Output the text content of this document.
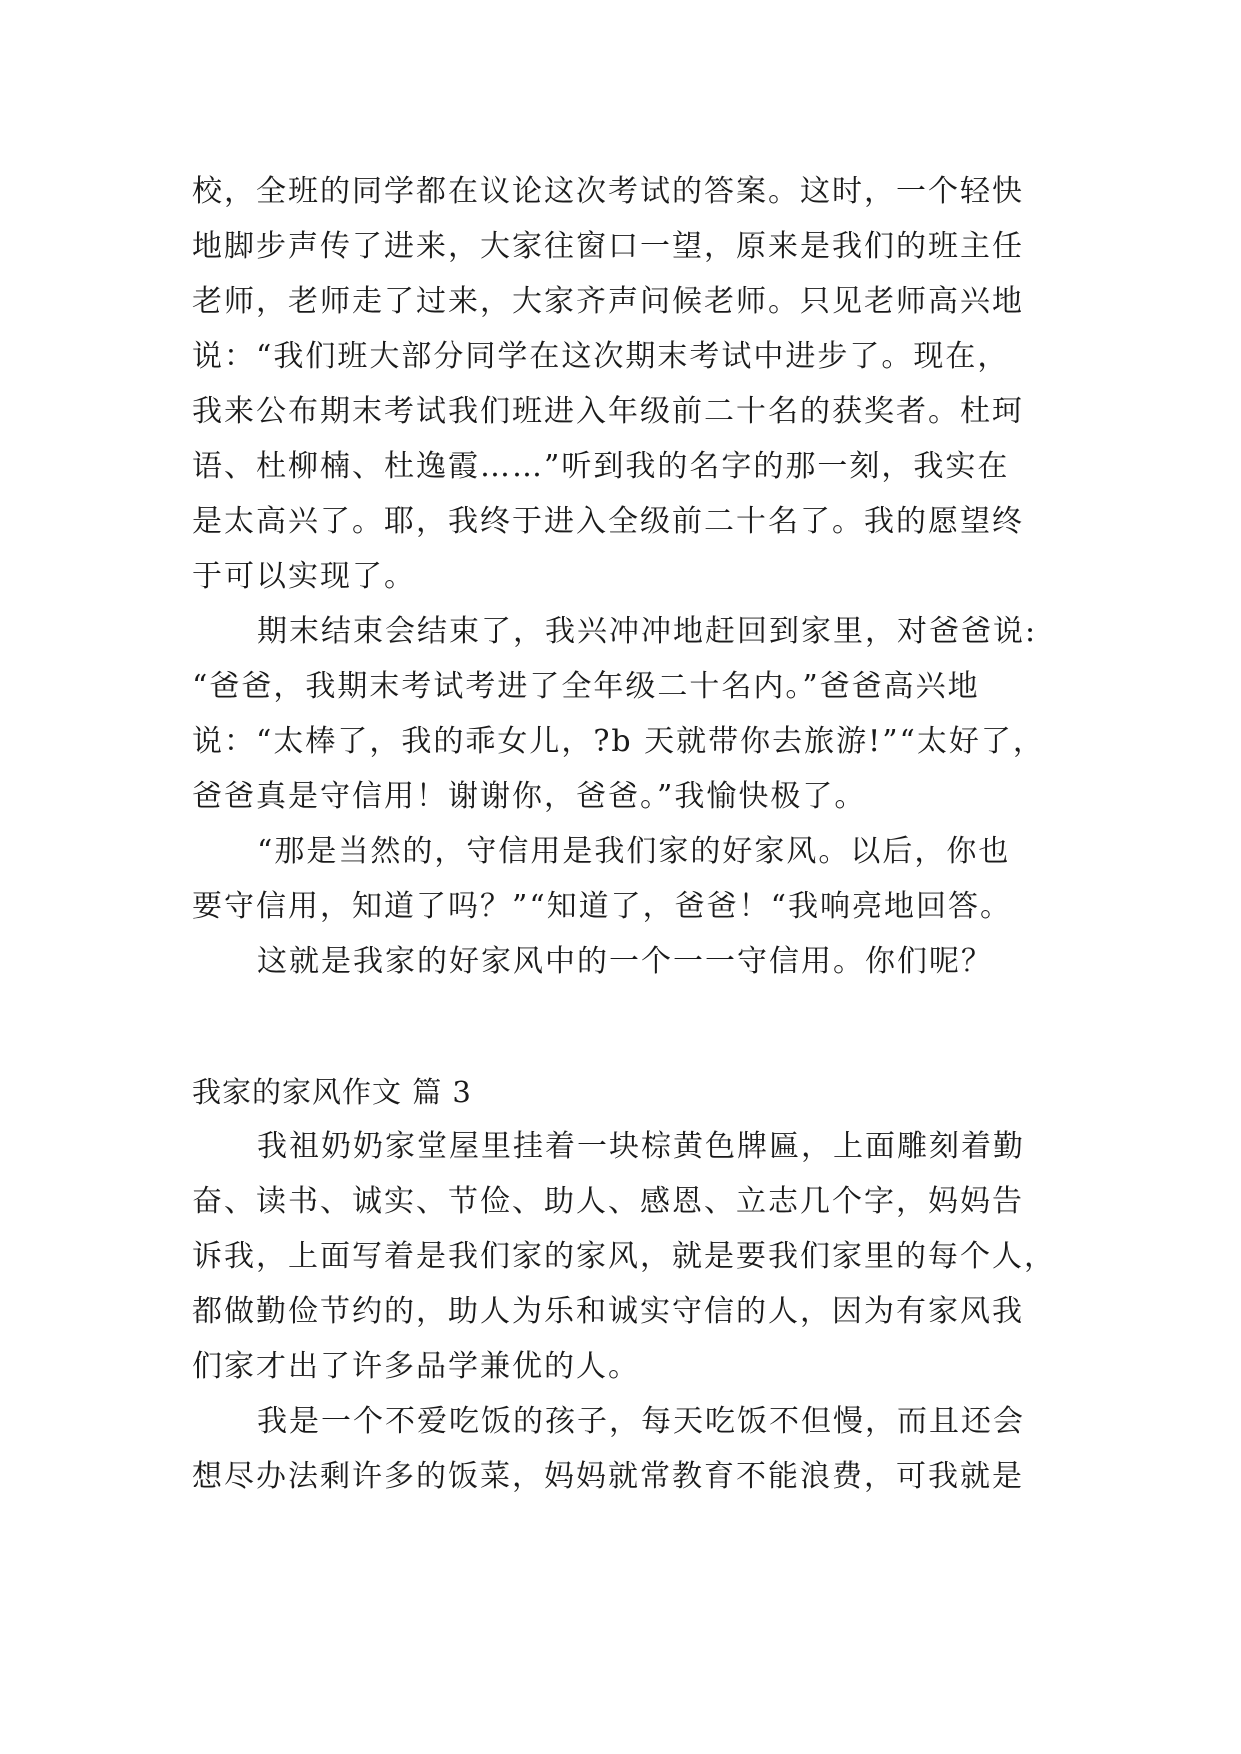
校，全班的同学都在议论这次考试的答案。这时，一个轻快
地脚步声传了进来，大家往窗口一望，原来是我们的班主任
老师，老师走了过来，大家齐声问候老师。只见老师高兴地
说：“我们班大部分同学在这次期末考试中进步了。现在，
我来公布期末考试我们班进入年级前二十名的获奖者。杜珂
语、杜柳楠、杜逸霞……”听到我的名字的那一刻，我实在
是太高兴了。耶，我终于进入全级前二十名了。我的愿望终
于可以实现了。
期末结束会结束了，我兴冲冲地赶回到家里，对爸爸说:
“爸爸，我期末考试考进了全年级二十名内。”爸爸高兴地
说：“太棒了，我的乖女儿，?b 天就带你去旅游!”“太好了，
爸爸真是守信用！谢谢你，爸爸。”我愉快极了。
“那是当然的，守信用是我们家的好家风。以后，你也
要守信用，知道了吗？”“知道了，爸爸！“我响亮地回答。
这就是我家的好家风中的一个一一守信用。你们呢？
我家的家风作文 篇 3
我祖奶奶家堂屋里挂着一块棕黄色牌匾，上面雕刻着勤
奋、读书、诚实、节俭、助人、感恩、立志几个字，妈妈告
诉我，上面写着是我们家的家风，就是要我们家里的每个人，
都做勤俭节约的，助人为乐和诚实守信的人，因为有家风我
们家才出了许多品学兼优的人。
我是一个不爱吃饭的孩子，每天吃饭不但慢，而且还会
想尽办法剩许多的饭菜，妈妈就常教育不能浪费，可我就是
